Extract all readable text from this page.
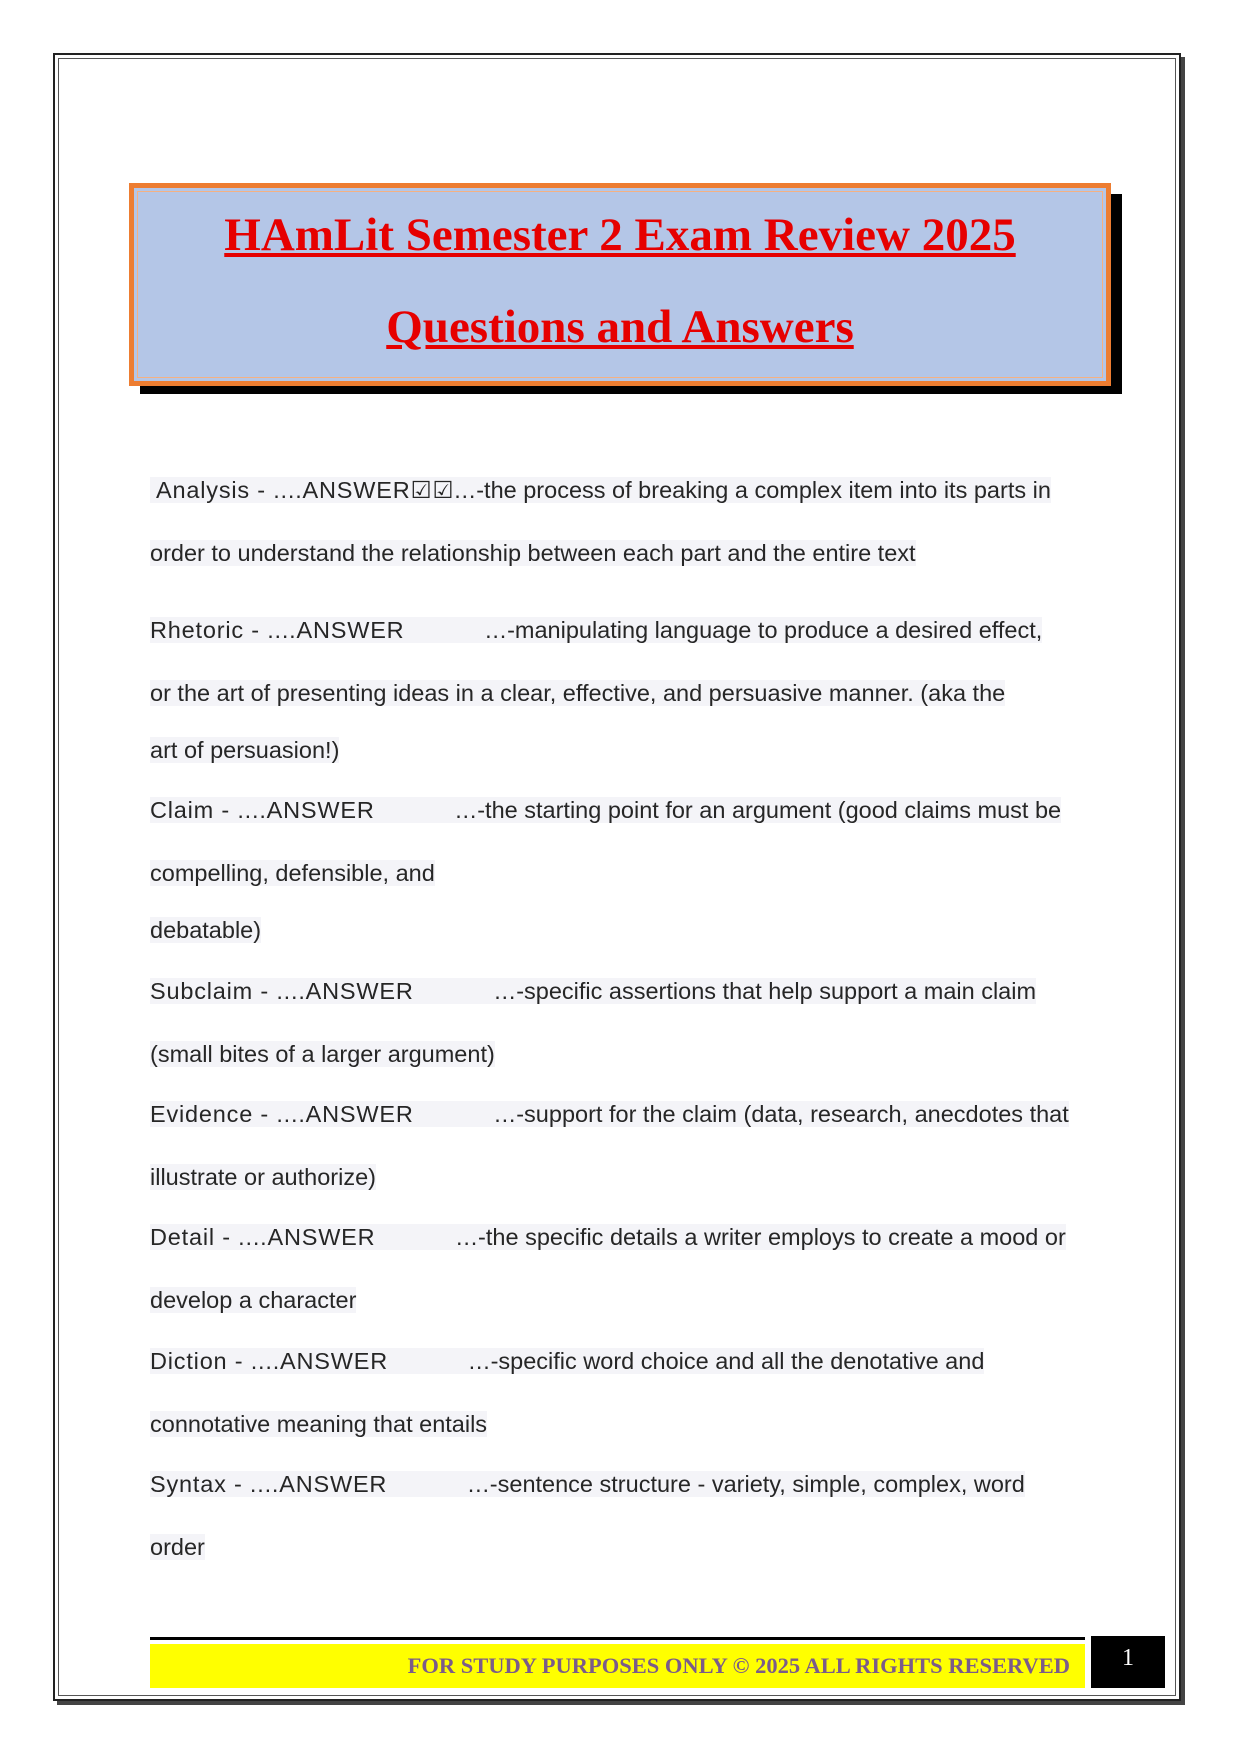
HAmLit Semester 2 Exam Review 2025
Questions and Answers
Analysis - ....ANSWER☑☑...-the process of breaking a complex item into its parts in
order to understand the relationship between each part and the entire text
Rhetoric - ....ANSWER           ...-manipulating language to produce a desired effect,
or the art of presenting ideas in a clear, effective, and persuasive manner. (aka the
art of persuasion!)
Claim - ....ANSWER           ...-the starting point for an argument (good claims must be
compelling, defensible, and
debatable)
Subclaim - ....ANSWER           ...-specific assertions that help support a main claim
(small bites of a larger argument)
Evidence - ....ANSWER           ...-support for the claim (data, research, anecdotes that
illustrate or authorize)
Detail - ....ANSWER           ...-the specific details a writer employs to create a mood or
develop a character
Diction - ....ANSWER           ...-specific word choice and all the denotative and
connotative meaning that entails
Syntax - ....ANSWER           ...-sentence structure - variety, simple, complex, word
order
FOR STUDY PURPOSES ONLY © 2025 ALL RIGHTS RESERVED	1
